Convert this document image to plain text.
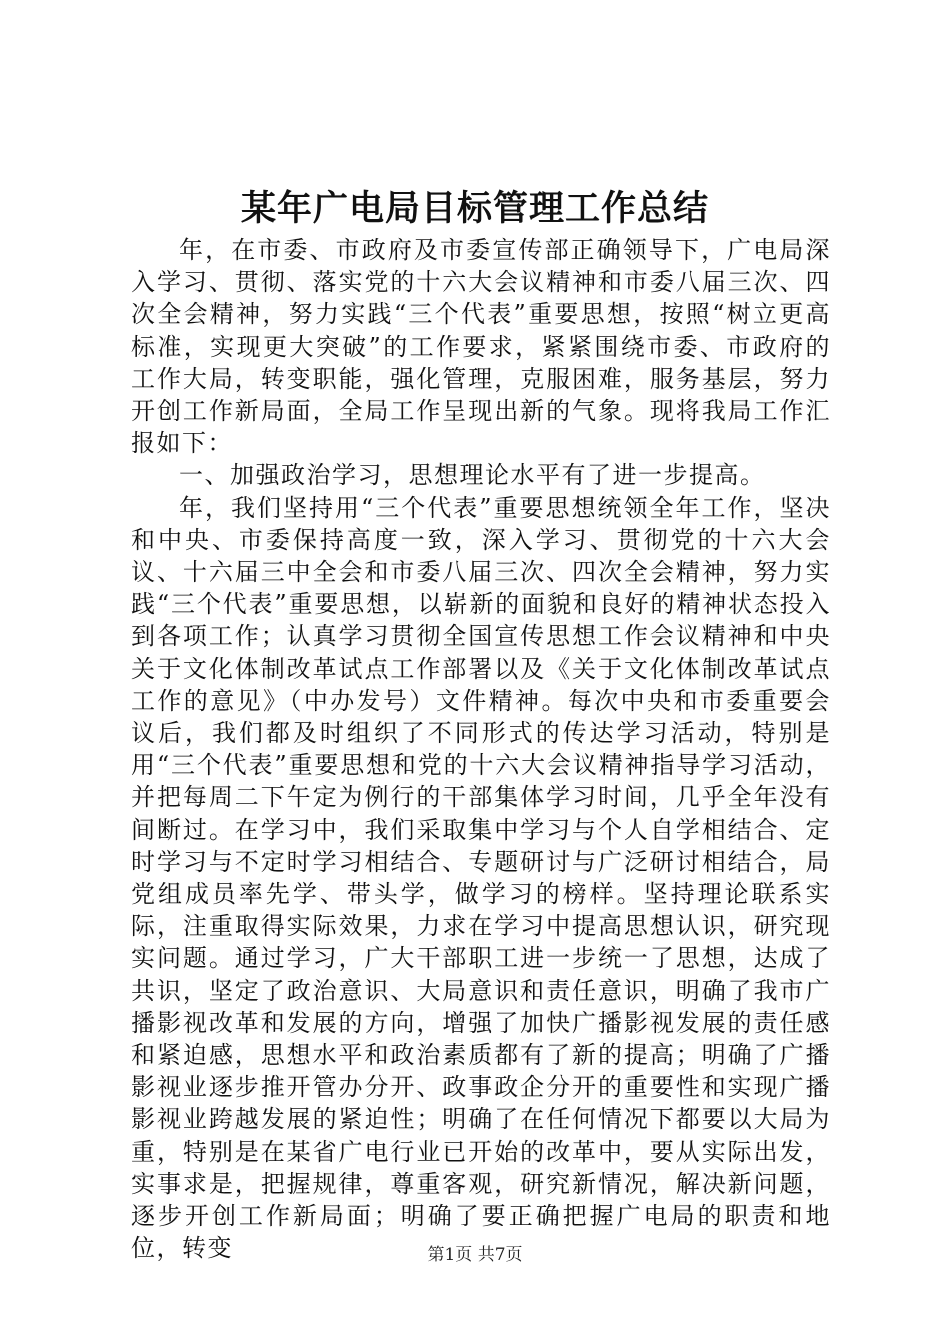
某年广电局目标管理工作总结

年，在市委、市政府及市委宣传部正确领导下，广电局深入学习、贯彻、落实党的十六大会议精神和市委八届三次、四次全会精神，努力实践“三个代表”重要思想，按照“树立更高标准，实现更大突破”的工作要求，紧紧围绕市委、市政府的工作大局，转变职能，强化管理，克服困难，服务基层，努力开创工作新局面，全局工作呈现出新的气象。现将我局工作汇报如下：

一、加强政治学习，思想理论水平有了进一步提高。

年，我们坚持用“三个代表”重要思想统领全年工作，坚决和中央、市委保持高度一致，深入学习、贯彻党的十六大会议、十六届三中全会和市委八届三次、四次全会精神，努力实践“三个代表”重要思想，以崭新的面貌和良好的精神状态投入到各项工作；认真学习贯彻全国宣传思想工作会议精神和中央关于文化体制改革试点工作部署以及《关于文化体制改革试点工作的意见》（中办发号）文件精神。每次中央和市委重要会议后，我们都及时组织了不同形式的传达学习活动，特别是用“三个代表”重要思想和党的十六大会议精神指导学习活动，并把每周二下午定为例行的干部集体学习时间，几乎全年没有间断过。在学习中，我们采取集中学习与个人自学相结合、定时学习与不定时学习相结合、专题研讨与广泛研讨相结合，局党组成员率先学、带头学，做学习的榜样。坚持理论联系实际，注重取得实际效果，力求在学习中提高思想认识，研究现实问题。通过学习，广大干部职工进一步统一了思想，达成了共识，坚定了政治意识、大局意识和责任意识，明确了我市广播影视改革和发展的方向，增强了加快广播影视发展的责任感和紧迫感，思想水平和政治素质都有了新的提高；明确了广播影视业逐步推开管办分开、政事政企分开的重要性和实现广播影视业跨越发展的紧迫性；明确了在任何情况下都要以大局为重，特别是在某省广电行业已开始的改革中，要从实际出发，实事求是，把握规律，尊重客观，研究新情况，解决新问题，逐步开创工作新局面；明确了要正确把握广电局的职责和地位，转变	第1页 共7页
